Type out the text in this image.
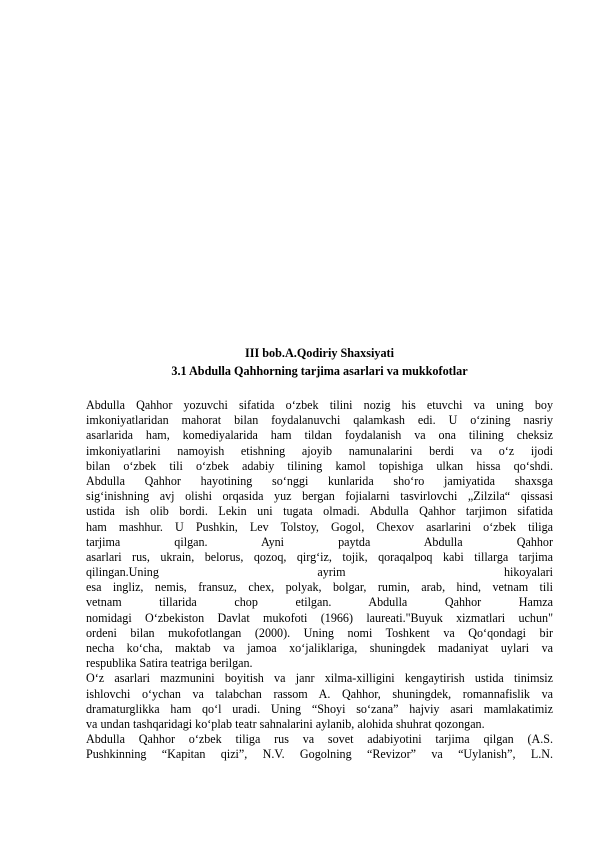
III bob.A.Qodiriy Shaxsiyati
3.1 Abdulla Qahhorning tarjima asarlari va mukkofotlar
Abdulla Qahhor yozuvchi sifatida o‘zbek tilini nozig his etuvchi va uning boy
imkoniyatlaridan mahorat bilan foydalanuvchi qalamkash edi. U o‘zining nasriy
asarlarida ham, komediyalarida ham tildan foydalanish va ona tilining cheksiz
imkoniyatlarini namoyish etishning ajoyib namunalarini berdi va o‘z ijodi
bilan o‘zbek tili o‘zbek adabiy tilining kamol topishiga ulkan hissa qo‘shdi.
Abdulla Qahhor hayotining so‘nggi kunlarida sho‘ro jamiyatida shaxsga
sig‘inishning avj olishi orqasida yuz bergan fojialarni tasvirlovchi „Zilzila“ qissasi
ustida ish olib bordi. Lekin uni tugata olmadi. Abdulla Qahhor tarjimon sifatida
ham mashhur. U Pushkin, Lev Tolstoy, Gogol, Chexov asarlarini o‘zbek tiliga
tarjima qilgan. Ayni paytda Abdulla Qahhor
asarlari rus, ukrain, belorus, qozoq, qirg‘iz, tojik, qoraqalpoq kabi tillarga tarjima
qilingan.Uning ayrim hikoyalari
esa ingliz, nemis, fransuz, chex, polyak, bolgar, rumin, arab, hind, vetnam tili
vetnam tillarida chop etilgan. Abdulla Qahhor Hamza
nomidagi O‘zbekiston Davlat mukofoti (1966) laureati."Buyuk xizmatlari uchun"
ordeni bilan mukofotlangan (2000). Uning nomi Toshkent va Qo‘qondagi bir
necha ko‘cha, maktab va jamoa xo‘jaliklariga, shuningdek madaniyat uylari va
respublika Satira teatriga berilgan.
O‘z asarlari mazmunini boyitish va janr xilma-xilligini kengaytirish ustida tinimsiz
ishlovchi o‘ychan va talabchan rassom A. Qahhor, shuningdek, romannafislik va
dramaturglikka ham qo‘l uradi. Uning “Shoyi so‘zana” hajviy asari mamlakatimiz
va undan tashqaridagi ko‘plab teatr sahnalarini aylanib, alohida shuhrat qozongan.
Abdulla Qahhor o‘zbek tiliga rus va sovet adabiyotini tarjima qilgan (A.S.
Pushkinning “Kapitan qizi”, N.V. Gogolning “Revizor” va “Uylanish”, L.N.
